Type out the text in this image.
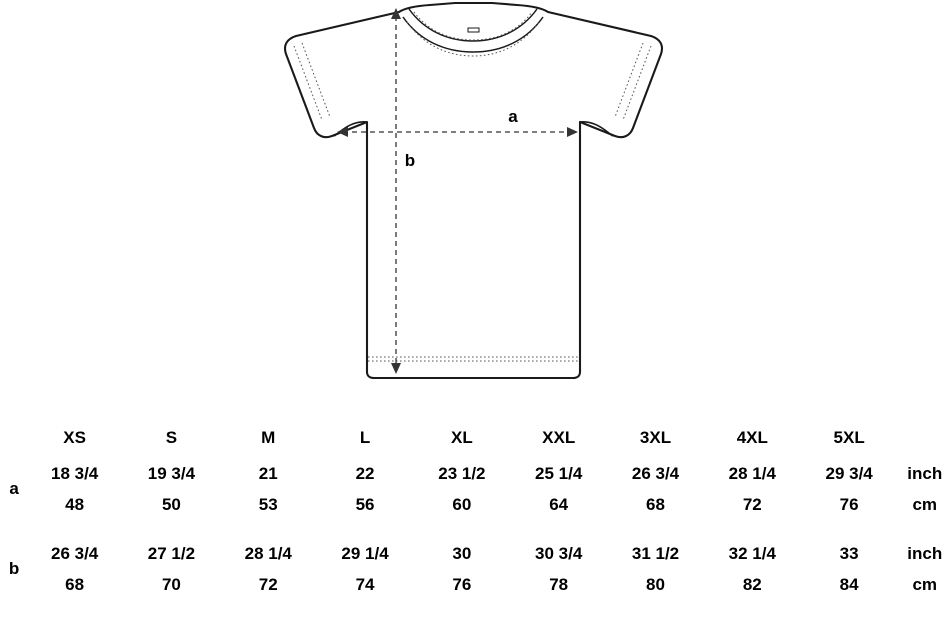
a
b
	XS	S	M	L	XL	XXL	3XL	4XL	5XL	
a	18 3/4	19 3/4	21	22	23 1/2	25 1/4	26 3/4	28 1/4	29 3/4	inch
	48	50	53	56	60	64	68	72	76	cm

b	26 3/4	27 1/2	28 1/4	29 1/4	30	30 3/4	31 1/2	32 1/4	33	inch
	68	70	72	74	76	78	80	82	84	cm
